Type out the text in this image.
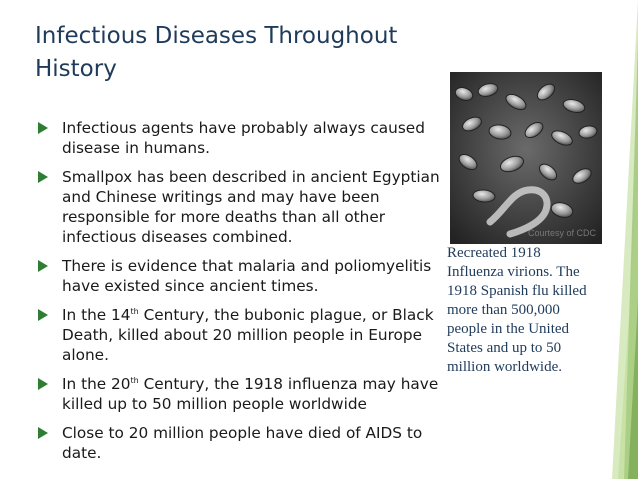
Infectious Diseases Throughout History
Infectious agents have probably always caused disease in humans.
Smallpox has been described in ancient Egyptian and Chinese writings and may have been responsible for more deaths than all other infectious diseases combined.
There is evidence that malaria and poliomyelitis have existed since ancient times.
In the 14th Century, the bubonic plague, or Black Death, killed about 20 million people in Europe alone.
In the 20th Century, the 1918 influenza may have killed up to 50 million people worldwide
Close to 20 million people have died of AIDS to date.
Courtesy of CDC
Recreated 1918 Influenza virions. The 1918 Spanish flu killed more than 500,000 people in the United States and up to 50 million worldwide.
